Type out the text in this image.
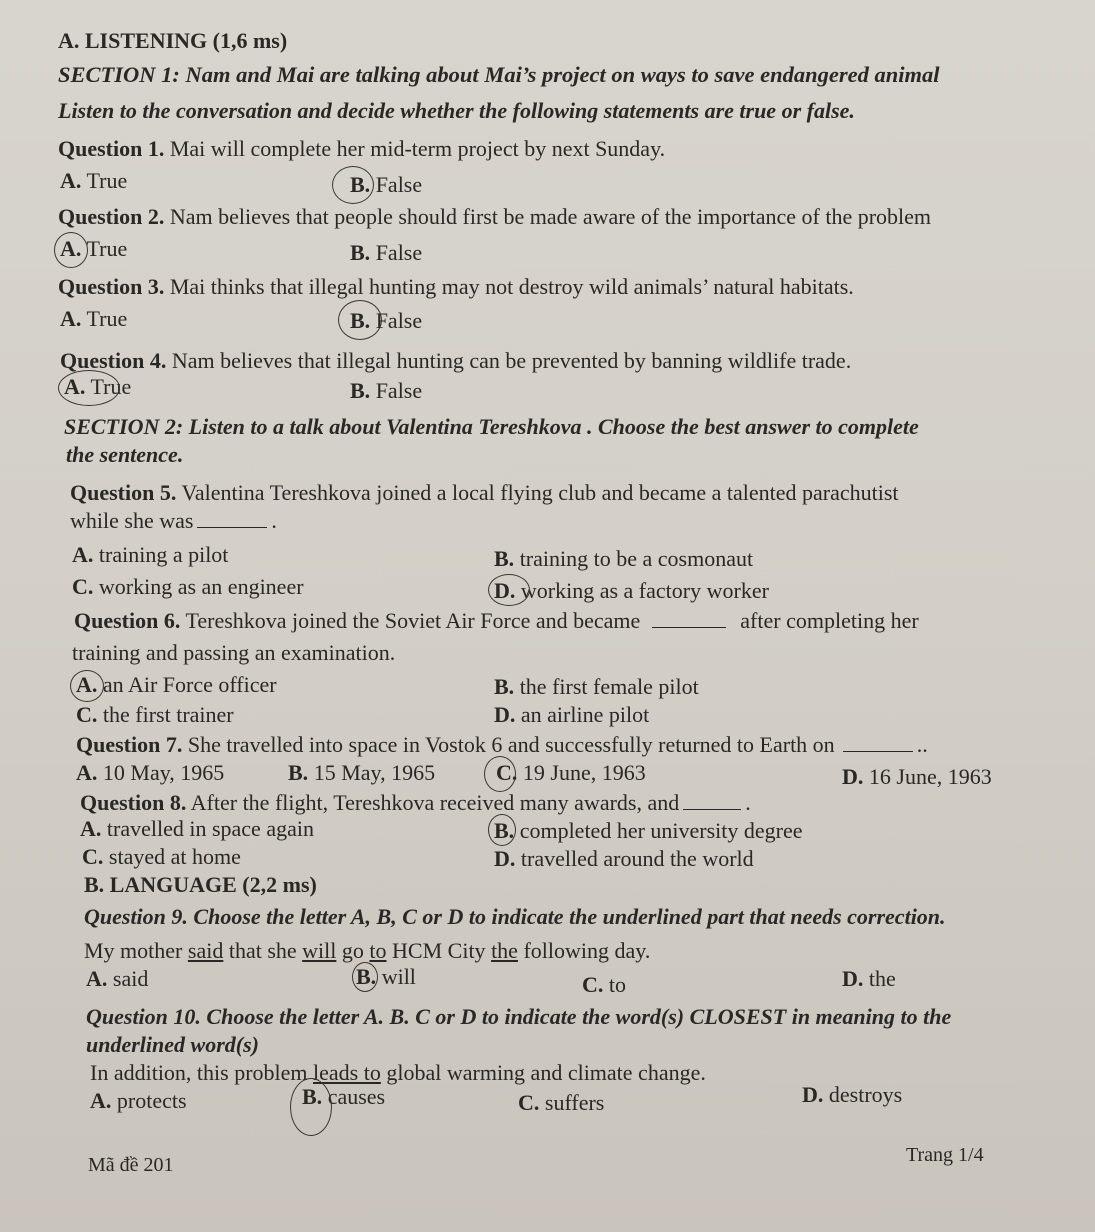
A. LISTENING (1,6 ms)
SECTION 1: Nam and Mai are talking about Mai’s project on ways to save endangered animal
Listen to the conversation and decide whether the following statements are true or false.
Question 1. Mai will complete her mid-term project by next Sunday.
A. True	B. False
Question 2. Nam believes that people should first be made aware of the importance of the problem
A. True	B. False
Question 3. Mai thinks that illegal hunting may not destroy wild animals’ natural habitats.
A. True	B. False
Question 4. Nam believes that illegal hunting can be prevented by banning wildlife trade.
A. True	B. False
SECTION 2: Listen to a talk about Valentina Tereshkova . Choose the best answer to complete
the sentence.
Question 5. Valentina Tereshkova joined a local flying club and became a talented parachutist
while she was	.
A. training a pilot	B. training to be a cosmonaut
C. working as an engineer	D. working as a factory worker
Question 6. Tereshkova joined the Soviet Air Force and became	after completing her
training and passing an examination.
A. an Air Force officer	B. the first female pilot
C. the first trainer	D. an airline pilot
Question 7. She travelled into space in Vostok 6 and successfully returned to Earth on	..
A. 10 May, 1965	B. 15 May, 1965	C. 19 June, 1963	D. 16 June, 1963
Question 8. After the flight, Tereshkova received many awards, and	.
A. travelled in space again	B. completed her university degree
C. stayed at home	D. travelled around the world
B. LANGUAGE (2,2 ms)
Question 9. Choose the letter A, B, C or D to indicate the underlined part that needs correction.
My mother said that she will go to HCM City the following day.
A. said	B. will	C. to	D. the
Question 10. Choose the letter A. B. C or D to indicate the word(s) CLOSEST in meaning to the
underlined word(s)
In addition, this problem leads to global warming and climate change.
A. protects	B. causes	C. suffers	D. destroys
Mã đề 201	Trang 1/4
